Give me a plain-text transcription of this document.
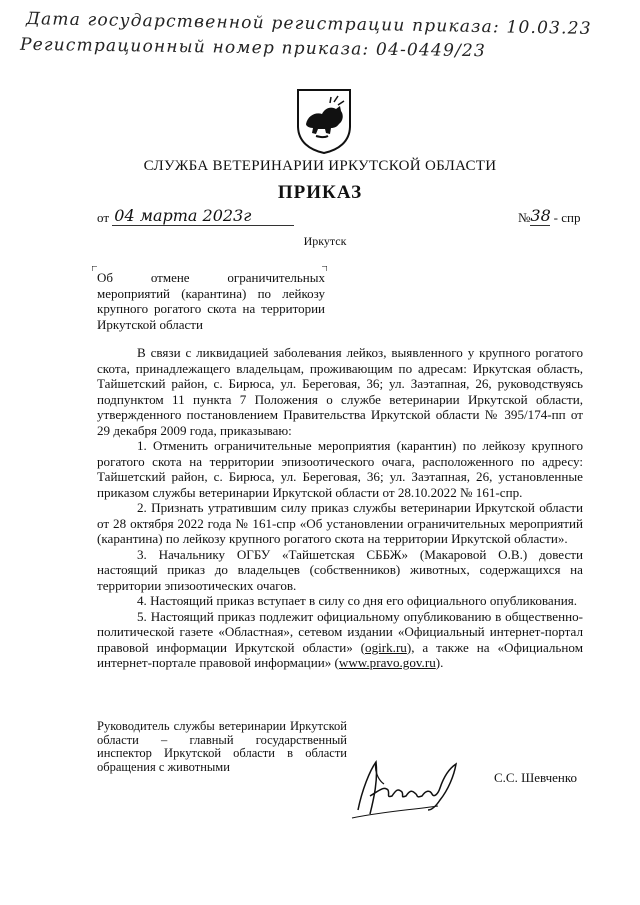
Дата государственной регистрации приказа: 10.03.23
Регистрационный номер приказа: 04-0449/23
СЛУЖБА ВЕТЕРИНАРИИ ИРКУТСКОЙ ОБЛАСТИ
ПРИКАЗ
от 04 марта 2023г	№38 - спр
Иркутск
Об отмене ограничительных мероприятий (карантина) по лейкозу крупного рогатого скота на территории Иркутской области

В связи с ликвидацией заболевания лейкоз, выявленного у крупного рогатого скота, принадлежащего владельцам, проживающим по адресам: Иркутская область, Тайшетский район, с. Бирюса, ул. Береговая, 36; ул. Заэтапная, 26, руководствуясь подпунктом 11 пункта 7 Положения о службе ветеринарии Иркутской области, утвержденного постановлением Правительства Иркутской области № 395/174-пп от 29 декабря 2009 года, приказываю:

1. Отменить ограничительные мероприятия (карантин) по лейкозу крупного рогатого скота на территории эпизоотического очага, расположенного по адресу: Тайшетский район, с. Бирюса, ул. Береговая, 36; ул. Заэтапная, 26, установленные приказом службы ветеринарии Иркутской области от 28.10.2022 № 161-спр.

2. Признать утратившим силу приказ службы ветеринарии Иркутской области от 28 октября 2022 года № 161-спр «Об установлении ограничительных мероприятий (карантина) по лейкозу крупного рогатого скота на территории Иркутской области».

3. Начальнику ОГБУ «Тайшетская СББЖ» (Макаровой О.В.) довести настоящий приказ до владельцев (собственников) животных, содержащихся на территории эпизоотических очагов.

4. Настоящий приказ вступает в силу со дня его официального опубликования.

5. Настоящий приказ подлежит официальному опубликованию в общественно-политической газете «Областная», сетевом издании «Официальный интернет-портал правовой информации Иркутской области» (ogirk.ru), а также на «Официальном интернет-портале правовой информации» (www.pravo.gov.ru).

Руководитель службы ветеринарии Иркутской области – главный государственный инспектор Иркутской области в области обращения с животными
С.С. Шевченко
